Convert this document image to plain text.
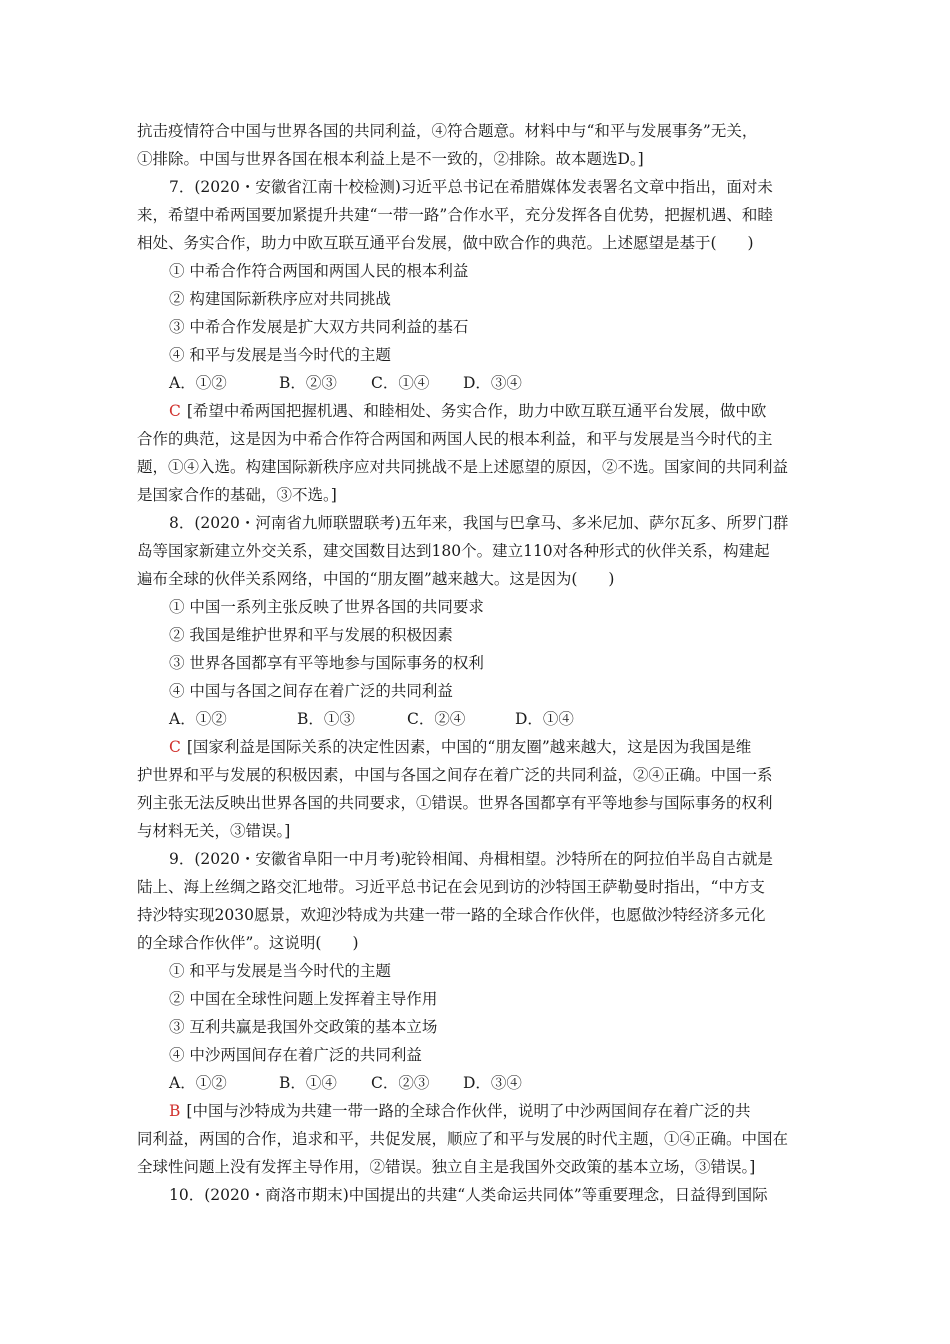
抗击疫情符合中国与世界各国的共同利益，④符合题意。材料中与“和平与发展事务”无关，
①排除。中国与世界各国在根本利益上是不一致的，②排除。故本题选D。]
7．(2020・安徽省江南十校检测)习近平总书记在希腊媒体发表署名文章中指出，面对未
来，希望中希两国要加紧提升共建“一带一路”合作水平，充分发挥各自优势，把握机遇、和睦
相处、务实合作，助力中欧互联互通平台发展，做中欧合作的典范。上述愿望是基于(　　)
① 中希合作符合两国和两国人民的根本利益
② 构建国际新秩序应对共同挑战
③ 中希合作发展是扩大双方共同利益的基石
④ 和平与发展是当今时代的主题
A．①②	B．②③ C．①④ D．③④
C [希望中希两国把握机遇、和睦相处、务实合作，助力中欧互联互通平台发展，做中欧
合作的典范，这是因为中希合作符合两国和两国人民的根本利益，和平与发展是当今时代的主
题，①④入选。构建国际新秩序应对共同挑战不是上述愿望的原因，②不选。国家间的共同利益
是国家合作的基础，③不选。]
8．(2020・河南省九师联盟联考)五年来，我国与巴拿马、多米尼加、萨尔瓦多、所罗门群
岛等国家新建立外交关系，建交国数目达到180个。建立110对各种形式的伙伴关系，构建起
遍布全球的伙伴关系网络，中国的“朋友圈”越来越大。这是因为(　　)
① 中国一系列主张反映了世界各国的共同要求
② 我国是维护世界和平与发展的积极因素
③ 世界各国都享有平等地参与国际事务的权利
④ 中国与各国之间存在着广泛的共同利益
A．①②	B．①③	C．②④	D．①④
C [国家利益是国际关系的决定性因素，中国的“朋友圈”越来越大，这是因为我国是维
护世界和平与发展的积极因素，中国与各国之间存在着广泛的共同利益，②④正确。中国一系
列主张无法反映出世界各国的共同要求，①错误。世界各国都享有平等地参与国际事务的权利
与材料无关，③错误。]
9．(2020・安徽省阜阳一中月考)驼铃相闻、舟楫相望。沙特所在的阿拉伯半岛自古就是
陆上、海上丝绸之路交汇地带。习近平总书记在会见到访的沙特国王萨勒曼时指出，“中方支
持沙特实现2030愿景，欢迎沙特成为共建一带一路的全球合作伙伴，也愿做沙特经济多元化
的全球合作伙伴”。这说明(　　)
① 和平与发展是当今时代的主题
② 中国在全球性问题上发挥着主导作用
③ 互利共赢是我国外交政策的基本立场
④ 中沙两国间存在着广泛的共同利益
A．①②	B．①④ C．②③ D．③④
B [中国与沙特成为共建一带一路的全球合作伙伴，说明了中沙两国间存在着广泛的共
同利益，两国的合作，追求和平，共促发展，顺应了和平与发展的时代主题，①④正确。中国在
全球性问题上没有发挥主导作用，②错误。独立自主是我国外交政策的基本立场，③错误。]
10．(2020・商洛市期末)中国提出的共建“人类命运共同体”等重要理念，日益得到国际
